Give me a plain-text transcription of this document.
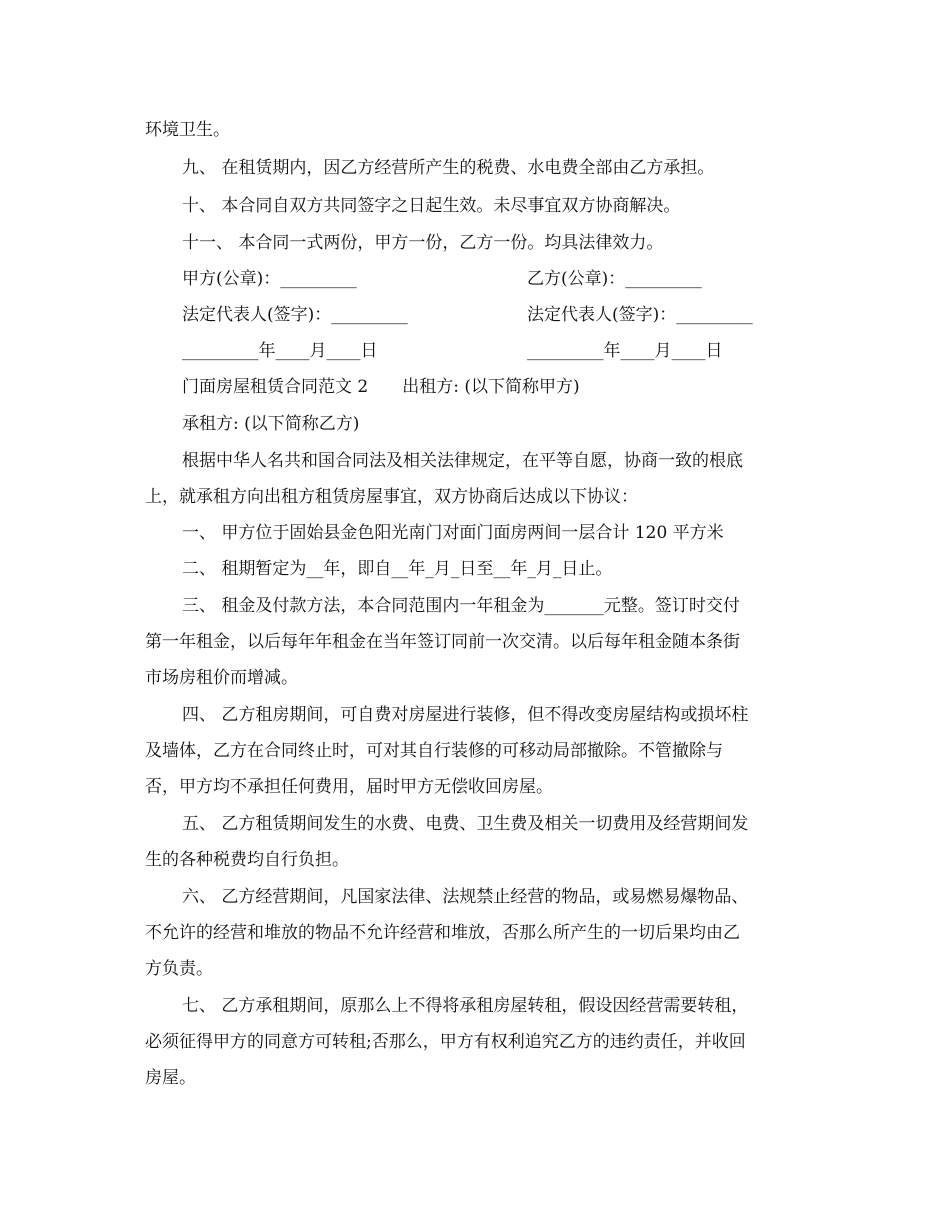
环境卫生。

九、 在租赁期内，因乙方经营所产生的税费、水电费全部由乙方承担。

十、 本合同自双方共同签字之日起生效。未尽事宜双方协商解决。

十一、 本合同一式两份，甲方一份，乙方一份。均具法律效力。

甲方(公章)：_________	乙方(公章)：_________

法定代表人(签字)：_________	法定代表人(签字)：_________

_________年____月____日	_________年____月____日

门面房屋租赁合同范文 2　　出租方: (以下简称甲方)

承租方: (以下简称乙方)

根据中华人名共和国合同法及相关法律规定，在平等自愿，协商一致的根底

上，就承租方向出租方租赁房屋事宜，双方协商后达成以下协议：

一、 甲方位于固始县金色阳光南门对面门面房两间一层合计 120 平方米

二、 租期暂定为__年，即自__年_月_日至__年_月_日止。

三、 租金及付款方法，本合同范围内一年租金为_______元整。签订时交付

第一年租金，以后每年年租金在当年签订同前一次交清。以后每年租金随本条街

市场房租价而增减。

四、 乙方租房期间，可自费对房屋进行装修，但不得改变房屋结构或损坏柱

及墙体，乙方在合同终止时，可对其自行装修的可移动局部撤除。不管撤除与

否，甲方均不承担任何费用，届时甲方无偿收回房屋。

五、 乙方租赁期间发生的水费、电费、卫生费及相关一切费用及经营期间发

生的各种税费均自行负担。

六、 乙方经营期间，凡国家法律、法规禁止经营的物品，或易燃易爆物品、

不允许的经营和堆放的物品不允许经营和堆放，否那么所产生的一切后果均由乙

方负责。

七、 乙方承租期间，原那么上不得将承租房屋转租，假设因经营需要转租，

必须征得甲方的同意方可转租;否那么，甲方有权利追究乙方的违约责任，并收回

房屋。
